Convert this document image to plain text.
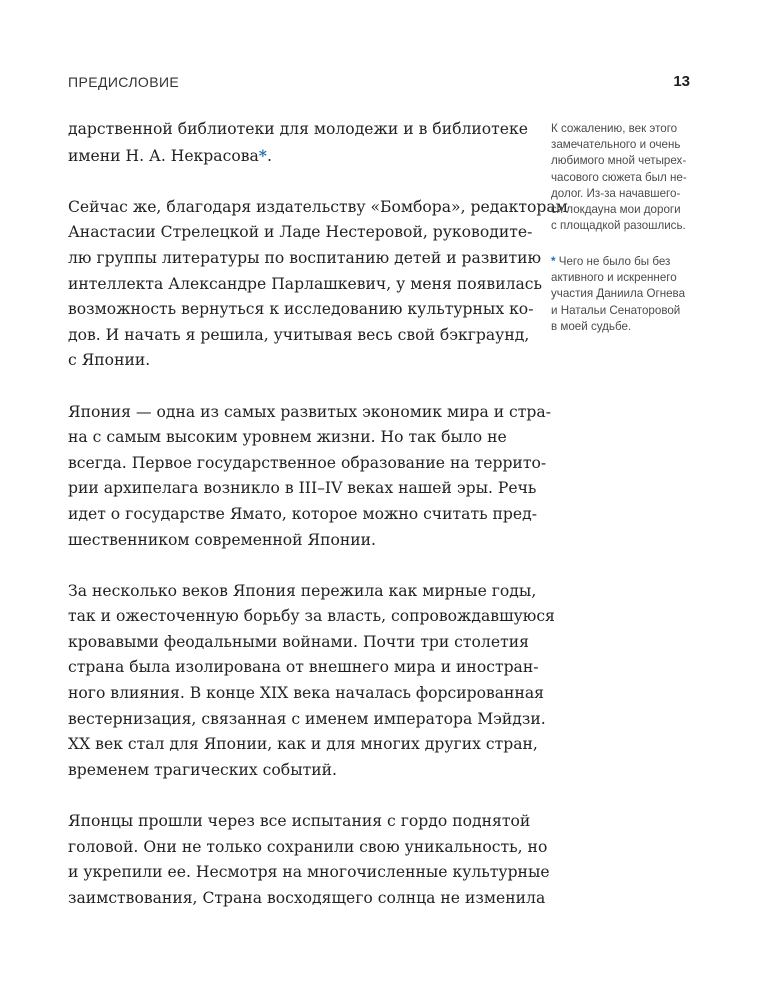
ПРЕДИСЛОВИЕ	13

дарственной библиотеки для молодежи и в библиотеке
имени Н. А. Некрасова*.

Сейчас же, благодаря издательству «Бомбора», редакторам
Анастасии Стрелецкой и Ладе Нестеровой, руководите-
лю группы литературы по воспитанию детей и развитию
интеллекта Александре Парлашкевич, у меня появилась
возможность вернуться к исследованию культурных ко-
дов. И начать я решила, учитывая весь свой бэкграунд,
с Японии.

Япония — одна из самых развитых экономик мира и стра-
на с самым высоким уровнем жизни. Но так было не
всегда. Первое государственное образование на террито-
рии архипелага возникло в III–IV веках нашей эры. Речь
идет о государстве Ямато, которое можно считать пред-
шественником современной Японии.

За несколько веков Япония пережила как мирные годы,
так и ожесточенную борьбу за власть, сопровождавшуюся
кровавыми феодальными войнами. Почти три столетия
страна была изолирована от внешнего мира и иностран-
ного влияния. В конце XIX века началась форсированная
вестернизация, связанная с именем императора Мэйдзи.
XX век стал для Японии, как и для многих других стран,
временем трагических событий.

Японцы прошли через все испытания с гордо поднятой
головой. Они не только сохранили свою уникальность, но
и укрепили ее. Несмотря на многочисленные культурные
заимствования, Страна восходящего солнца не изменила

К сожалению, век этого
замечательного и очень
любимого мной четырех-
часового сюжета был не-
долог. Из-за начавшего-
ся локдауна мои дороги
с площадкой разошлись.
* Чего не было бы без
активного и искреннего
участия Даниила Огнева
и Натальи Сенаторовой
в моей судьбе.
